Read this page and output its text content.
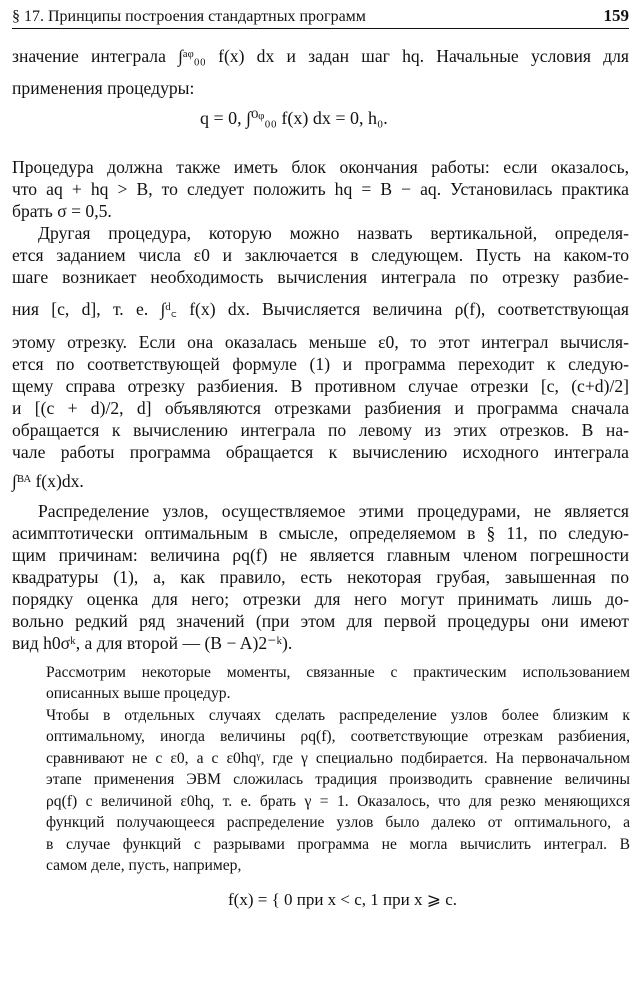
§ 17. Принципы построения стандартных программ	159
значение интеграла ∫ᵃᵠ₀₀ f(x) dx и задан шаг hq. Начальные условия для
применения процедуры:
q = 0, ∫⁰ᵠ₀₀ f(x) dx = 0, h₀.
Процедура должна также иметь блок окончания работы: если оказалось,
что aq + hq > B, то следует положить hq = B − aq. Установилась практика
брать σ = 0,5.
Другая процедура, которую можно назвать вертикальной, определя-
ется заданием числа ε0 и заключается в следующем. Пусть на каком-то
шаге возникает необходимость вычисления интеграла по отрезку разбие-
ния [c, d], т. е. ∫ᵈ꜀ f(x) dx. Вычисляется величина ρ(f), соответствующая
этому отрезку. Если она оказалась меньше ε0, то этот интеграл вычисля-
ется по соответствующей формуле (1) и программа переходит к следую-
щему справа отрезку разбиения. В противном случае отрезки [c, (c+d)/2]
и [(c + d)/2, d] объявляются отрезками разбиения и программа сначала
обращается к вычислению интеграла по левому из этих отрезков. В на-
чале работы программа обращается к вычислению исходного интеграла
∫ᴮᴬ f(x)dx.
Распределение узлов, осуществляемое этими процедурами, не является
асимптотически оптимальным в смысле, определяемом в § 11, по следую-
щим причинам: величина ρq(f) не является главным членом погрешности
квадратуры (1), а, как правило, есть некоторая грубая, завышенная по
порядку оценка для него; отрезки для него могут принимать лишь до-
вольно редкий ряд значений (при этом для первой процедуры они имеют
вид h0σᵏ, а для второй — (B − A)2⁻ᵏ).
Рассмотрим некоторые моменты, связанные с практическим использованием
описанных выше процедур.
Чтобы в отдельных случаях сделать распределение узлов более близким к
оптимальному, иногда величины ρq(f), соответствующие отрезкам разбиения,
сравнивают не с ε0, а с ε0hqᵞ, где γ специально подбирается. На первоначальном
этапе применения ЭВМ сложилась традиция производить сравнение величины
ρq(f) с величиной ε0hq, т. е. брать γ = 1. Оказалось, что для резко меняющихся
функций получающееся распределение узлов было далеко от оптимального, а
в случае функций с разрывами программа не могла вычислить интеграл. В
самом деле, пусть, например,
f(x) = { 0 при x < c, 1 при x ⩾ c.
